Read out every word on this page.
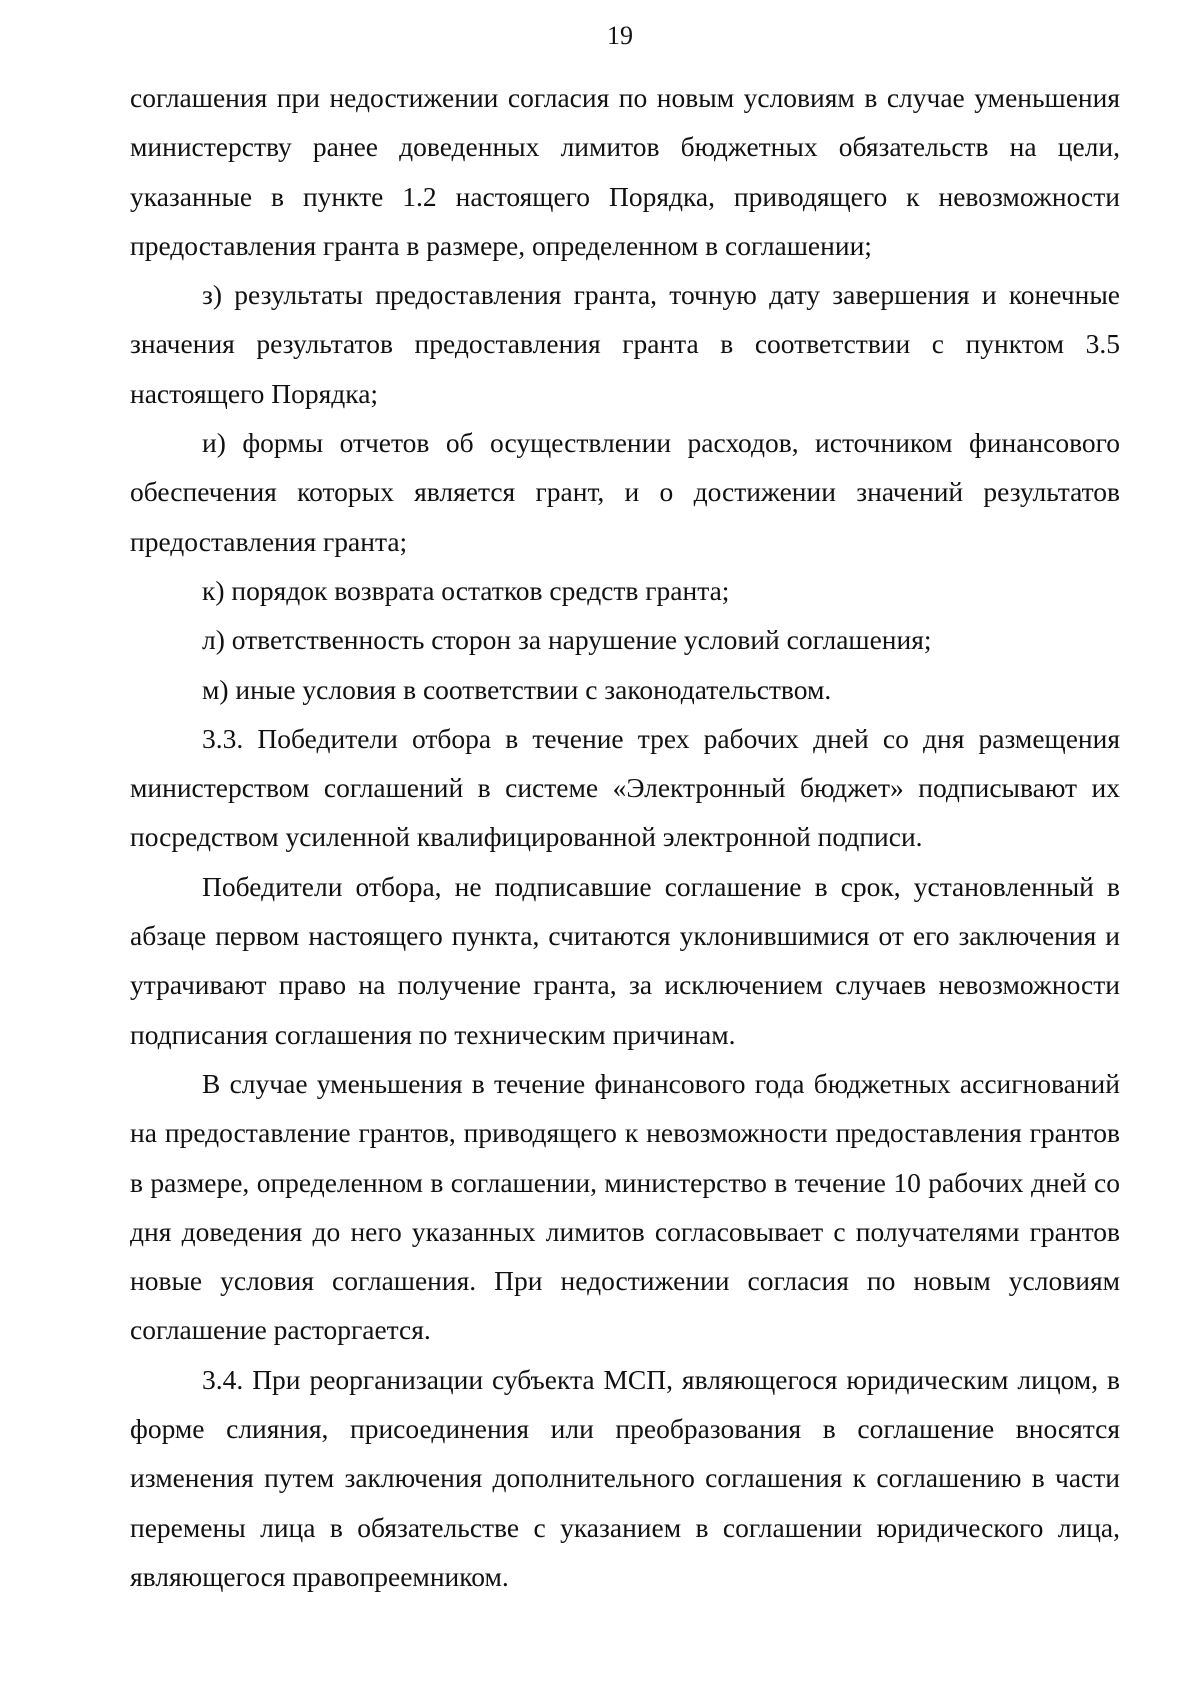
19

соглашения при недостижении согласия по новым условиям в случае уменьшения министерству ранее доведенных лимитов бюджетных обязательств на цели, указанные в пункте 1.2 настоящего Порядка, приводящего к невозможности предоставления гранта в размере, определенном в соглашении;

з) результаты предоставления гранта, точную дату завершения и конечные значения результатов предоставления гранта в соответствии с пунктом 3.5 настоящего Порядка;

и) формы отчетов об осуществлении расходов, источником финансового обеспечения которых является грант, и о достижении значений результатов предоставления гранта;

к) порядок возврата остатков средств гранта;

л) ответственность сторон за нарушение условий соглашения;

м) иные условия в соответствии с законодательством.

3.3. Победители отбора в течение трех рабочих дней со дня размещения министерством соглашений в системе «Электронный бюджет» подписывают их посредством усиленной квалифицированной электронной подписи.

Победители отбора, не подписавшие соглашение в срок, установленный в абзаце первом настоящего пункта, считаются уклонившимися от его заключения и утрачивают право на получение гранта, за исключением случаев невозможности подписания соглашения по техническим причинам.

В случае уменьшения в течение финансового года бюджетных ассигнований на предоставление грантов, приводящего к невозможности предоставления грантов в размере, определенном в соглашении, министерство в течение 10 рабочих дней со дня доведения до него указанных лимитов согласовывает с получателями грантов новые условия соглашения. При недостижении согласия по новым условиям соглашение расторгается.

3.4. При реорганизации субъекта МСП, являющегося юридическим лицом, в форме слияния, присоединения или преобразования в соглашение вносятся изменения путем заключения дополнительного соглашения к соглашению в части перемены лица в обязательстве с указанием в соглашении юридического лица, являющегося правопреемником.
